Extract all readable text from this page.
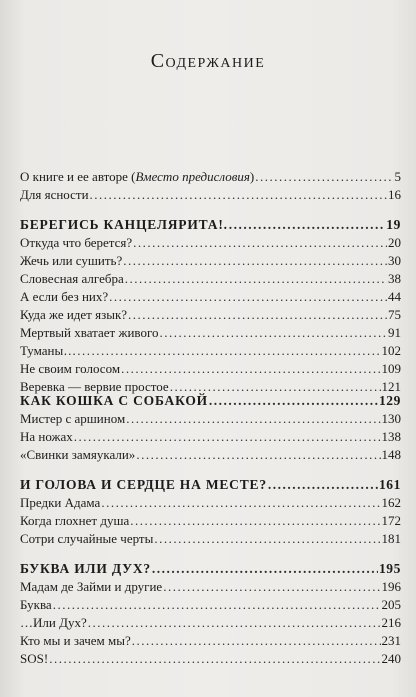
Содержание
О книге и ее авторе (Вместо предисловия) .....	5
Для ясности .....	16
БЕРЕГИСЬ КАНЦЕЛЯРИТА!. .....	19
Откуда что берется? .....	20
Жечь или сушить? .....	30
Словесная алгебра .....	38
А если без них? .....	44
Куда же идет язык? .....	75
Мертвый хватает живого .....	91
Туманы… .....	102
Не своим голосом .....	109
Веревка — вервие простое .....	121
КАК КОШКА С СОБАКОЙ .....	129
Мистер с аршином .....	130
На ножах .....	138
«Свинки замяукали» .....	148
И ГОЛОВА И СЕРДЦЕ НА МЕСТЕ? .....	161
Предки Адама .....	162
Когда глохнет душа .....	172
Сотри случайные черты .....	181
БУКВА ИЛИ ДУХ? .....	195
Мадам де Займи и другие .....	196
Буква .....	205
…Или Дух? .....	216
Кто мы и зачем мы? .....	231
SOS! .....	240
